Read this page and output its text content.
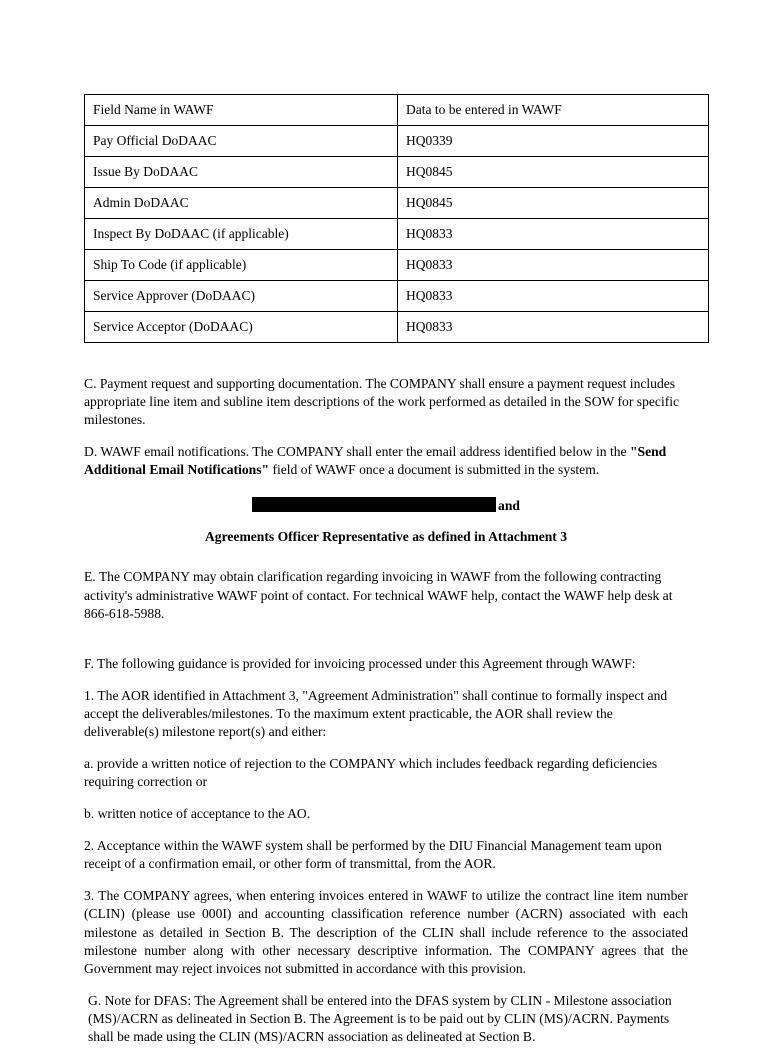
Field Name in WAWF	Data to be entered in WAWF
Pay Official DoDAAC	HQ0339
Issue By DoDAAC	HQ0845
Admin DoDAAC	HQ0845
Inspect By DoDAAC (if applicable)	HQ0833
Ship To Code (if applicable)	HQ0833
Service Approver (DoDAAC)	HQ0833
Service Acceptor (DoDAAC)	HQ0833

C. Payment request and supporting documentation. The COMPANY shall ensure a payment request includes appropriate line item and subline item descriptions of the work performed as detailed in the SOW for specific milestones.

D. WAWF email notifications. The COMPANY shall enter the email address identified below in the "Send Additional Email Notifications" field of WAWF once a document is submitted in the system.

and

Agreements Officer Representative as defined in Attachment 3

E. The COMPANY may obtain clarification regarding invoicing in WAWF from the following contracting activity's administrative WAWF point of contact. For technical WAWF help, contact the WAWF help desk at 866-618-5988.

F. The following guidance is provided for invoicing processed under this Agreement through WAWF:

1. The AOR identified in Attachment 3, "Agreement Administration" shall continue to formally inspect and accept the deliverables/milestones. To the maximum extent practicable, the AOR shall review the deliverable(s) milestone report(s) and either:

a. provide a written notice of rejection to the COMPANY which includes feedback regarding deficiencies requiring correction or

b. written notice of acceptance to the AO.

2. Acceptance within the WAWF system shall be performed by the DIU Financial Management team upon receipt of a confirmation email, or other form of transmittal, from the AOR.

3. The COMPANY agrees, when entering invoices entered in WAWF to utilize the contract line item number (CLIN) (please use 000I) and accounting classification reference number (ACRN) associated with each milestone as detailed in Section B. The description of the CLIN shall include reference to the associated milestone number along with other necessary descriptive information. The COMPANY agrees that the Government may reject invoices not submitted in accordance with this provision.

G. Note for DFAS: The Agreement shall be entered into the DFAS system by CLIN - Milestone association (MS)/ACRN as delineated in Section B. The Agreement is to be paid out by CLIN (MS)/ACRN. Payments shall be made using the CLIN (MS)/ACRN association as delineated at Section B.
